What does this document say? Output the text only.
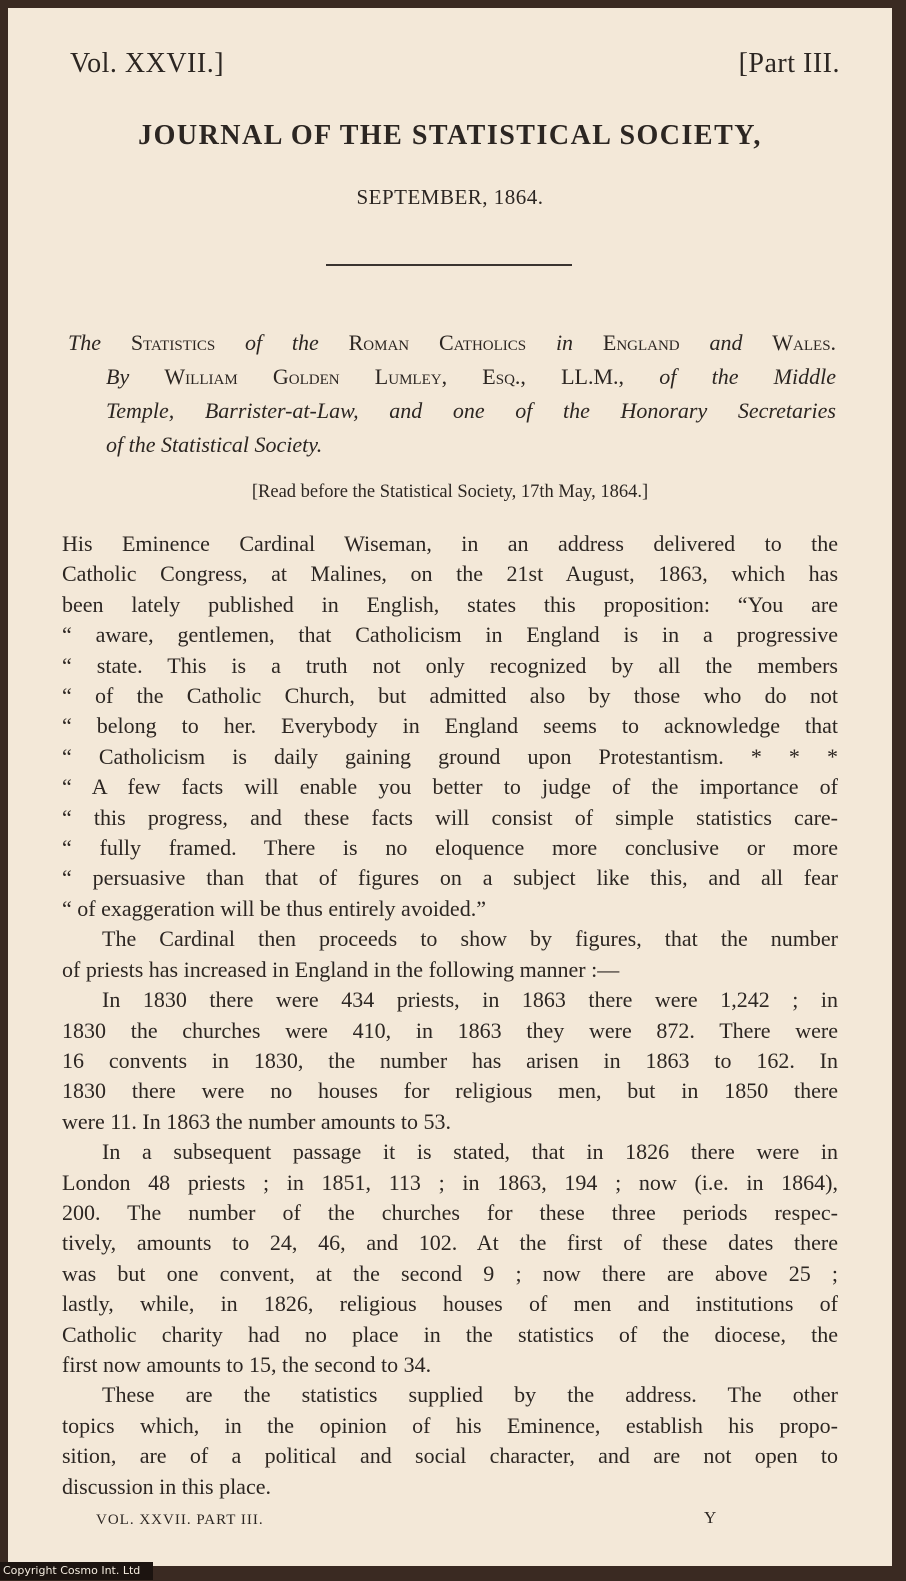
Vol. XXVII.]	[Part III.
JOURNAL OF THE STATISTICAL SOCIETY,
SEPTEMBER, 1864.
The Statistics of the Roman Catholics in England and Wales.
By William Golden Lumley, Esq., LL.M., of the Middle
Temple, Barrister-at-Law, and one of the Honorary Secretaries
of the Statistical Society.
[Read before the Statistical Society, 17th May, 1864.]

His Eminence Cardinal Wiseman, in an address delivered to the
Catholic Congress, at Malines, on the 21st August, 1863, which has
been lately published in English, states this proposition: “You are
“ aware, gentlemen, that Catholicism in England is in a progressive
“ state. This is a truth not only recognized by all the members
“ of the Catholic Church, but admitted also by those who do not
“ belong to her. Everybody in England seems to acknowledge that
“ Catholicism is daily gaining ground upon Protestantism. * * *
“ A few facts will enable you better to judge of the importance of
“ this progress, and these facts will consist of simple statistics care-
“ fully framed. There is no eloquence more conclusive or more
“ persuasive than that of figures on a subject like this, and all fear
“ of exaggeration will be thus entirely avoided.”

The Cardinal then proceeds to show by figures, that the number
of priests has increased in England in the following manner :—

In 1830 there were 434 priests, in 1863 there were 1,242 ; in
1830 the churches were 410, in 1863 they were 872. There were
16 convents in 1830, the number has arisen in 1863 to 162. In
1830 there were no houses for religious men, but in 1850 there
were 11. In 1863 the number amounts to 53.

In a subsequent passage it is stated, that in 1826 there were in
London 48 priests ; in 1851, 113 ; in 1863, 194 ; now (i.e. in 1864),
200. The number of the churches for these three periods respec-
tively, amounts to 24, 46, and 102. At the first of these dates there
was but one convent, at the second 9 ; now there are above 25 ;
lastly, while, in 1826, religious houses of men and institutions of
Catholic charity had no place in the statistics of the diocese, the
first now amounts to 15, the second to 34.

These are the statistics supplied by the address. The other
topics which, in the opinion of his Eminence, establish his propo-
sition, are of a political and social character, and are not open to
discussion in this place.

VOL. XXVII. PART III.	Y
Copyright Cosmo Int. Ltd
